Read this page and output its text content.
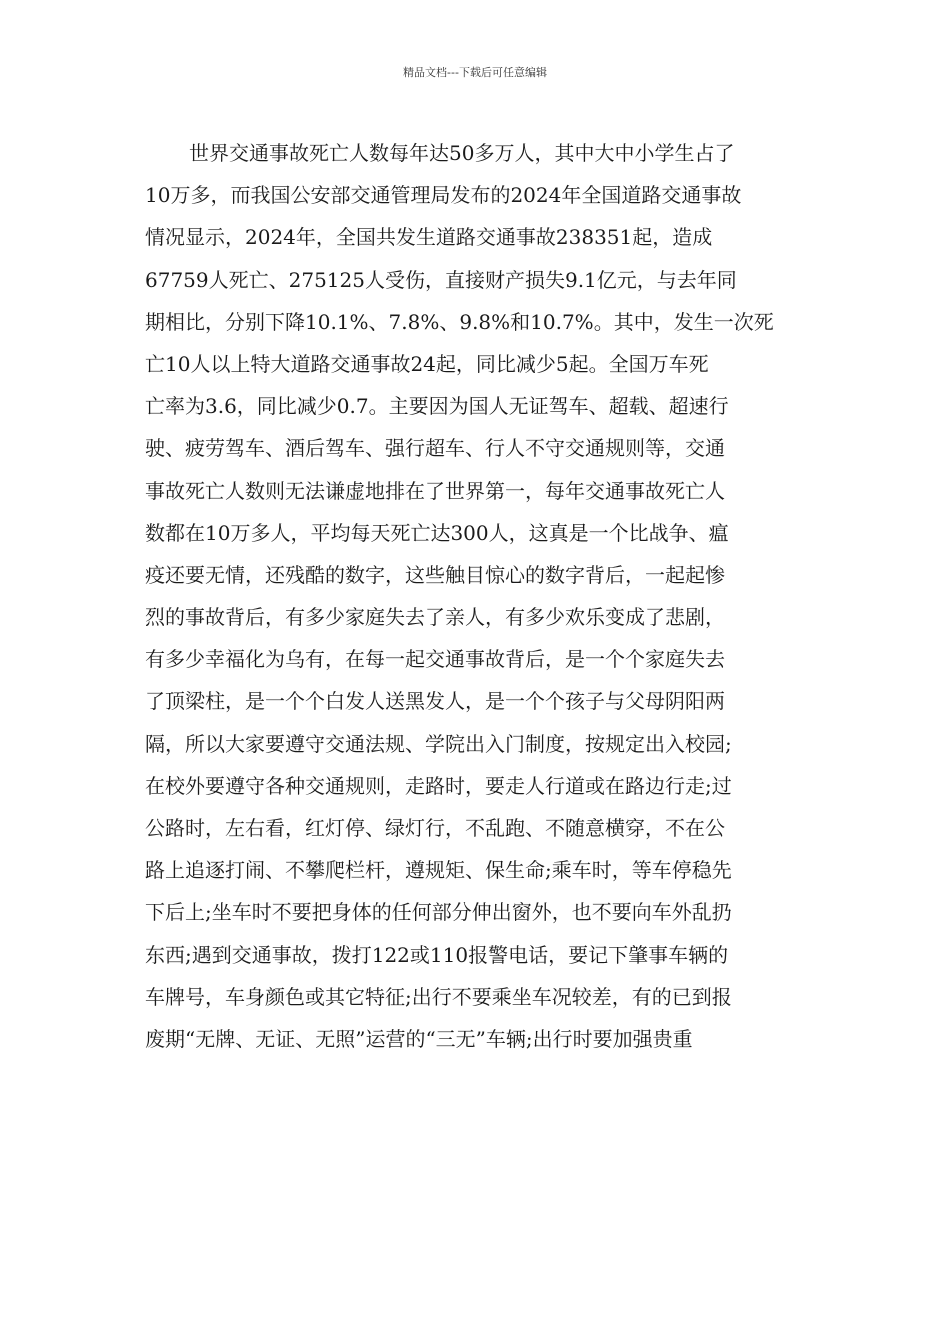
精品文档---下载后可任意编辑
世界交通事故死亡人数每年达50多万人，其中大中小学生占了
10万多，而我国公安部交通管理局发布的2024年全国道路交通事故
情况显示，2024年，全国共发生道路交通事故238351起，造成
67759人死亡、275125人受伤，直接财产损失9.1亿元，与去年同
期相比，分别下降10.1%、7.8%、9.8%和10.7%。其中，发生一次死
亡10人以上特大道路交通事故24起，同比减少5起。全国万车死
亡率为3.6，同比减少0.7。主要因为国人无证驾车、超载、超速行
驶、疲劳驾车、酒后驾车、强行超车、行人不守交通规则等，交通
事故死亡人数则无法谦虚地排在了世界第一，每年交通事故死亡人
数都在10万多人，平均每天死亡达300人，这真是一个比战争、瘟
疫还要无情，还残酷的数字，这些触目惊心的数字背后，一起起惨
烈的事故背后，有多少家庭失去了亲人，有多少欢乐变成了悲剧，
有多少幸福化为乌有，在每一起交通事故背后，是一个个家庭失去
了顶梁柱，是一个个白发人送黑发人，是一个个孩子与父母阴阳两
隔，所以大家要遵守交通法规、学院出入门制度，按规定出入校园;
在校外要遵守各种交通规则，走路时，要走人行道或在路边行走;过
公路时，左右看，红灯停、绿灯行，不乱跑、不随意横穿，不在公
路上追逐打闹、不攀爬栏杆，遵规矩、保生命;乘车时，等车停稳先
下后上;坐车时不要把身体的任何部分伸出窗外，也不要向车外乱扔
东西;遇到交通事故，拨打122或110报警电话，要记下肇事车辆的
车牌号，车身颜色或其它特征;出行不要乘坐车况较差，有的已到报
废期“无牌、无证、无照”运营的“三无”车辆;出行时要加强贵重
